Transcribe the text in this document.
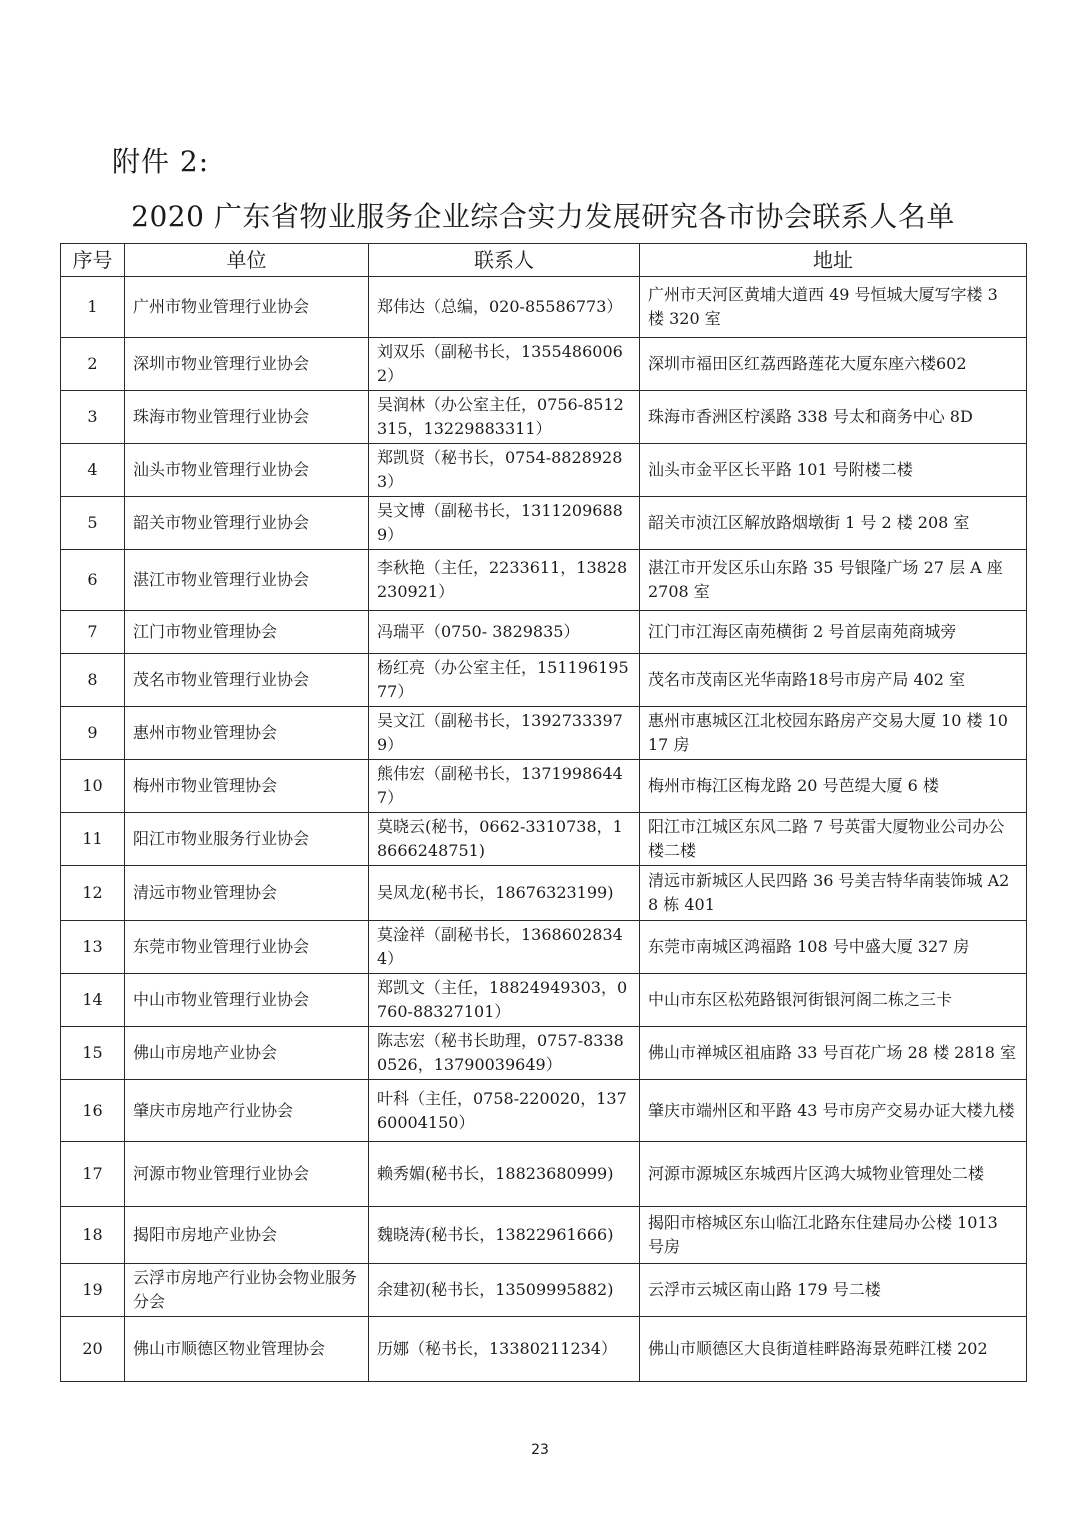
附件 2:
2020 广东省物业服务企业综合实力发展研究各市协会联系人名单
序号	单位	联系人	地址
1	广州市物业管理行业协会	郑伟达（总编，020-85586773）	广州市天河区黄埔大道西 49 号恒城大厦写字楼 3 楼 320 室
2	深圳市物业管理行业协会	刘双乐（副秘书长，13554860062）	深圳市福田区红荔西路莲花大厦东座六楼602
3	珠海市物业管理行业协会	吴润林（办公室主任，0756-8512315，13229883311）	珠海市香洲区柠溪路 338 号太和商务中心 8D
4	汕头市物业管理行业协会	郑凯贤（秘书长，0754-88289283）	汕头市金平区长平路 101 号附楼二楼
5	韶关市物业管理行业协会	吴文博（副秘书长，13112096889）	韶关市浈江区解放路烟墩街 1 号 2 楼 208 室
6	湛江市物业管理行业协会	李秋艳（主任，2233611，13828230921）	湛江市开发区乐山东路 35 号银隆广场 27 层 A 座 2708 室
7	江门市物业管理协会	冯瑞平（0750- 3829835）	江门市江海区南苑横街 2 号首层南苑商城旁
8	茂名市物业管理行业协会	杨红亮（办公室主任，15119619577）	茂名市茂南区光华南路18号市房产局 402 室
9	惠州市物业管理协会	吴文江（副秘书长，13927333979）	惠州市惠城区江北校园东路房产交易大厦 10 楼 1017 房
10	梅州市物业管理协会	熊伟宏（副秘书长，13719986447）	梅州市梅江区梅龙路 20 号芭缇大厦 6 楼
11	阳江市物业服务行业协会	莫晓云(秘书，0662-3310738，18666248751)	阳江市江城区东风二路 7 号英雷大厦物业公司办公楼二楼
12	清远市物业管理协会	吴凤龙(秘书长，18676323199)	清远市新城区人民四路 36 号美吉特华南装饰城 A28 栋 401
13	东莞市物业管理行业协会	莫淦祥（副秘书长，13686028344）	东莞市南城区鸿福路 108 号中盛大厦 327 房
14	中山市物业管理行业协会	郑凯文（主任，18824949303，0760-88327101）	中山市东区松苑路银河街银河阁二栋之三卡
15	佛山市房地产业协会	陈志宏（秘书长助理，0757-83380526，13790039649）	佛山市禅城区祖庙路 33 号百花广场 28 楼 2818 室
16	肇庆市房地产行业协会	叶科（主任，0758-220020，13760004150）	肇庆市端州区和平路 43 号市房产交易办证大楼九楼
17	河源市物业管理行业协会	赖秀媚(秘书长，18823680999)	河源市源城区东城西片区鸿大城物业管理处二楼
18	揭阳市房地产业协会	魏晓涛(秘书长，13822961666)	揭阳市榕城区东山临江北路东住建局办公楼 1013 号房
19	云浮市房地产行业协会物业服务分会	余建初(秘书长，13509995882)	云浮市云城区南山路 179 号二楼
20	佛山市顺德区物业管理协会	历娜（秘书长，13380211234）	佛山市顺德区大良街道桂畔路海景苑畔江楼 202
23
